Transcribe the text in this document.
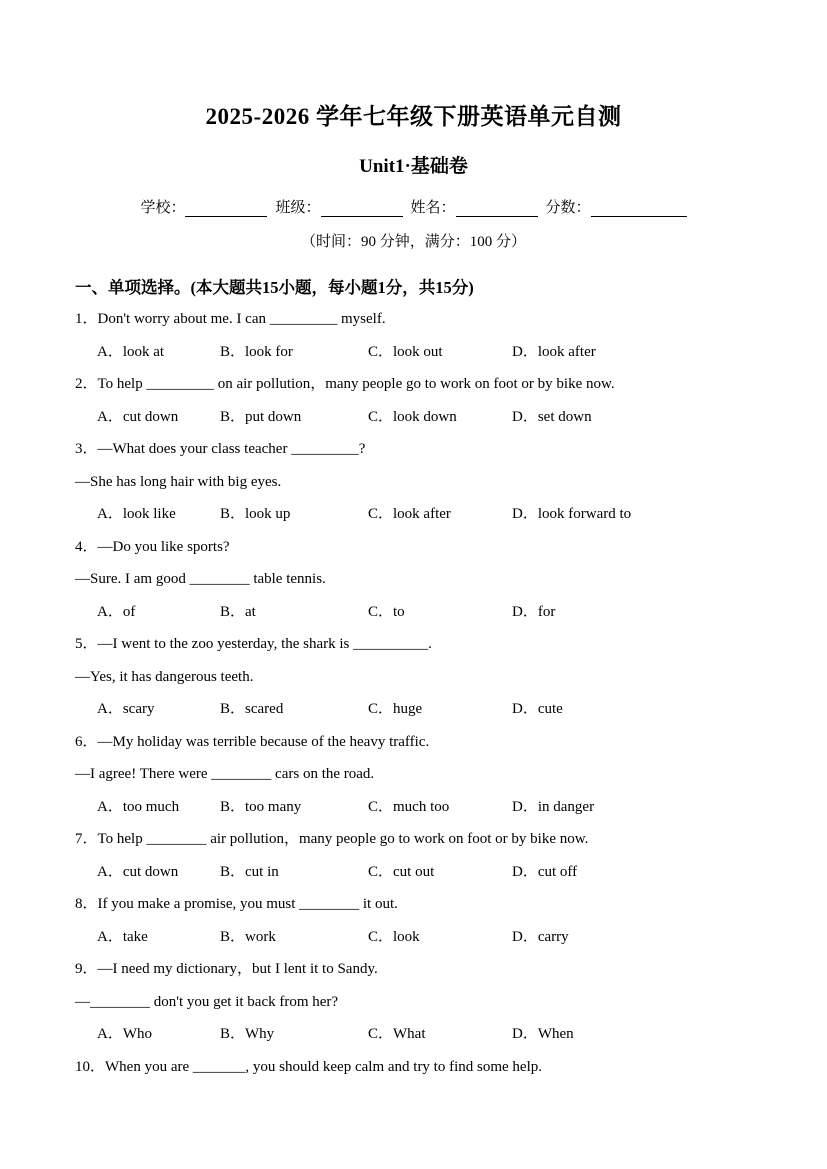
2025-2026 学年七年级下册英语单元自测
Unit1·基础卷
学校：	班级：	姓名：	分数：
（时间：90 分钟，满分：100 分）
一、单项选择。(本大题共15小题，每小题1分，共15分)
1．Don't worry about me. I can _________ myself.
A．look at	B．look for	C．look out	D．look after
2．To help _________ on air pollution，many people go to work on foot or by bike now.
A．cut down	B．put down	C．look down	D．set down
3．—What does your class teacher _________?
—She has long hair with big eyes.
A．look like	B．look up	C．look after	D．look forward to
4．—Do you like sports?
—Sure. I am good ________ table tennis.
A．of	B．at	C．to	D．for
5．—I went to the zoo yesterday, the shark is __________.
—Yes, it has dangerous teeth.
A．scary	B．scared	C．huge	D．cute
6．—My holiday was terrible because of the heavy traffic.
—I agree! There were ________ cars on the road.
A．too much	B．too many	C．much too	D．in danger
7．To help ________ air pollution，many people go to work on foot or by bike now.
A．cut down	B．cut in	C．cut out	D．cut off
8．If you make a promise, you must ________ it out.
A．take	B．work	C．look	D．carry
9．—I need my dictionary，but I lent it to Sandy.
—________ don't you get it back from her?
A．Who	B．Why	C．What	D．When
10．When you are _______, you should keep calm and try to find some help.
